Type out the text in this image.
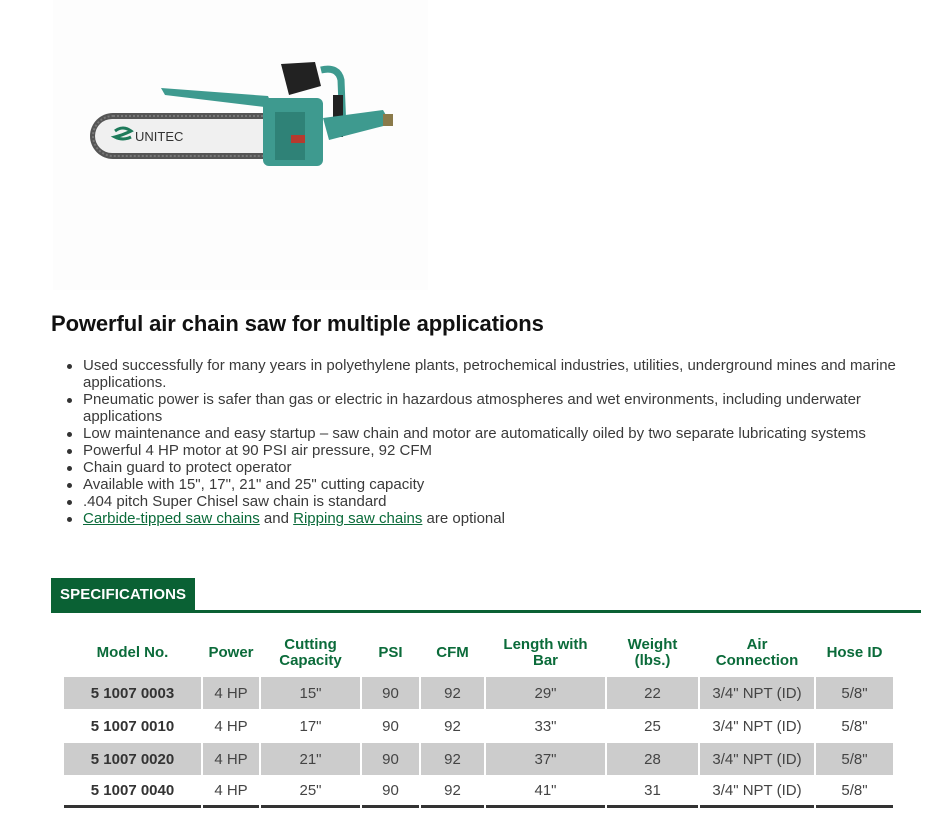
UNITEC
Powerful air chain saw for multiple applications
Used successfully for many years in polyethylene plants, petrochemical industries, utilities, underground mines and marine applications.
Pneumatic power is safer than gas or electric in hazardous atmospheres and wet environments, including underwater applications
Low maintenance and easy startup – saw chain and motor are automatically oiled by two separate lubricating systems
Powerful 4 HP motor at 90 PSI air pressure, 92 CFM
Chain guard to protect operator
Available with 15", 17", 21" and 25" cutting capacity
.404 pitch Super Chisel saw chain is standard
Carbide-tipped saw chains and Ripping saw chains are optional
SPECIFICATIONS
Model No.	Power	Cutting Capacity	PSI	CFM	Length with Bar	Weight (lbs.)	Air Connection	Hose ID
5 1007 0003	4 HP	15"	90	92	29"	22	3/4" NPT (ID)	5/8"
5 1007 0010	4 HP	17"	90	92	33"	25	3/4" NPT (ID)	5/8"
5 1007 0020	4 HP	21"	90	92	37"	28	3/4" NPT (ID)	5/8"
5 1007 0040	4 HP	25"	90	92	41"	31	3/4" NPT (ID)	5/8"
